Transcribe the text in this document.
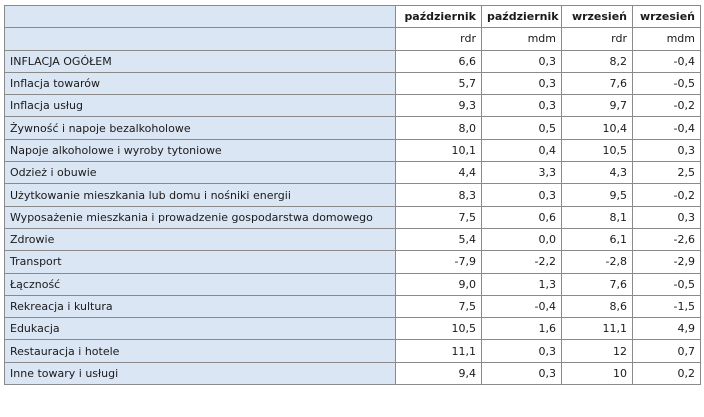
	październik	październik	wrzesień	wrzesień
	rdr	mdm	rdr	mdm
INFLACJA OGÓŁEM	6,6	0,3	8,2	-0,4
Inflacja towarów	5,7	0,3	7,6	-0,5
Inflacja usług	9,3	0,3	9,7	-0,2
Żywność i napoje bezalkoholowe	8,0	0,5	10,4	-0,4
Napoje alkoholowe i wyroby tytoniowe	10,1	0,4	10,5	0,3
Odzież i obuwie	4,4	3,3	4,3	2,5
Użytkowanie mieszkania lub domu i nośniki energii	8,3	0,3	9,5	-0,2
Wyposażenie mieszkania i prowadzenie gospodarstwa domowego	7,5	0,6	8,1	0,3
Zdrowie	5,4	0,0	6,1	-2,6
Transport	-7,9	-2,2	-2,8	-2,9
Łączność	9,0	1,3	7,6	-0,5
Rekreacja i kultura	7,5	-0,4	8,6	-1,5
Edukacja	10,5	1,6	11,1	4,9
Restauracja i hotele	11,1	0,3	12	0,7
Inne towary i usługi	9,4	0,3	10	0,2
